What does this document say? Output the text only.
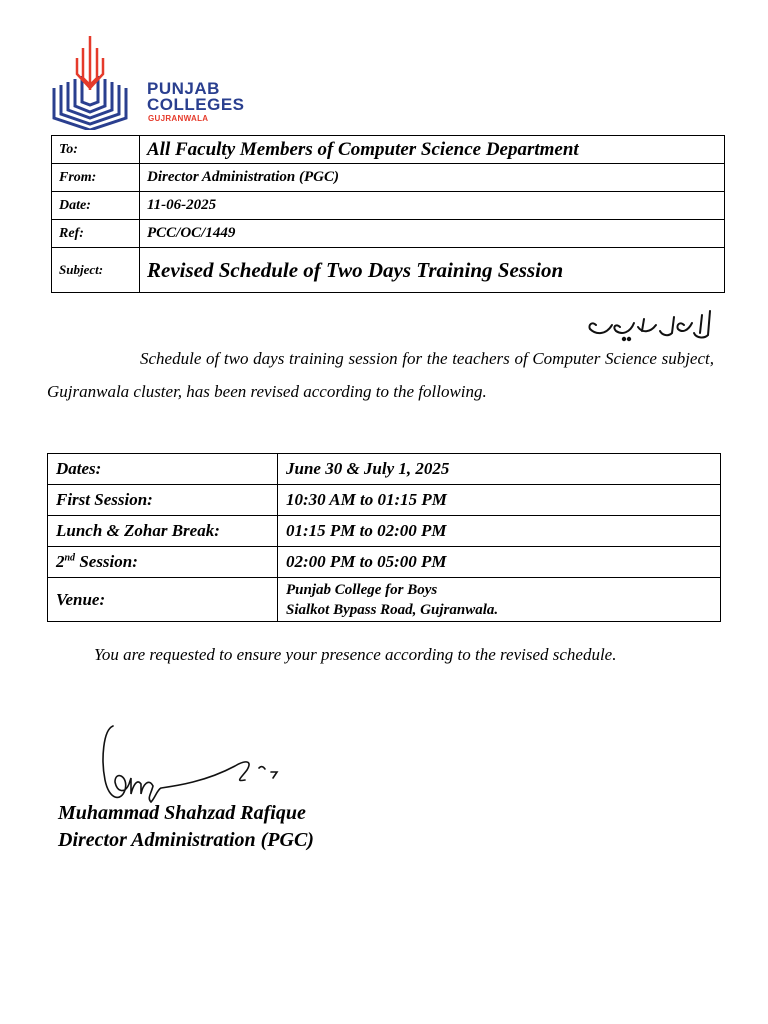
PUNJAB
COLLEGES
GUJRANWALA
To:	All Faculty Members of Computer Science Department
From:	Director Administration (PGC)
Date:	11-06-2025
Ref:	PCC/OC/1449
Subject:	Revised Schedule of Two Days Training Session
Schedule of two days training session for the teachers of Computer Science subject, Gujranwala cluster, has been revised according to the following.
Dates:	June 30 & July 1, 2025
First Session:	10:30 AM to 01:15 PM
Lunch & Zohar Break:	01:15 PM to 02:00 PM
2nd Session:	02:00 PM to 05:00 PM
Venue:	Punjab College for Boys
Sialkot Bypass Road, Gujranwala.
You are requested to ensure your presence according to the revised schedule.
Muhammad Shahzad Rafique
Director Administration (PGC)
